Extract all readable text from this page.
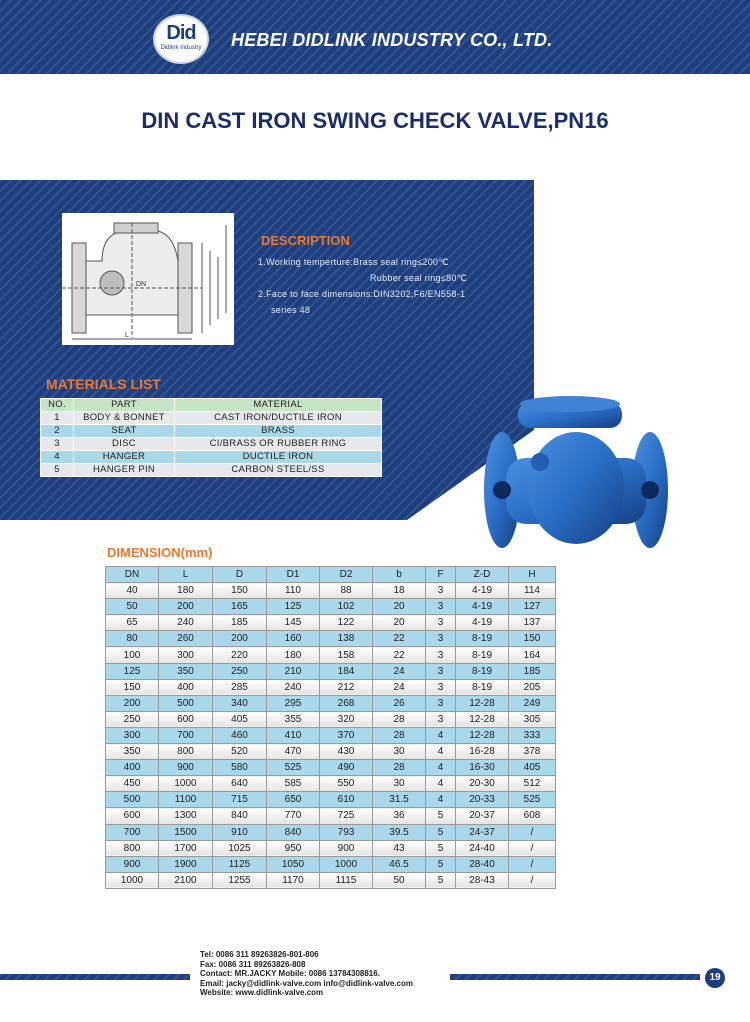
Did
Didlink Industry	HEBEI DIDLINK INDUSTRY CO., LTD.
DIN CAST IRON SWING CHECK VALVE,PN16
L
DN
DESCRIPTION
1.Working temperture:Brass seal ring≤200℃
Rubber seal ring≤80℃
2.Face to face dimensions:DIN3202,F6/EN558-1
series 48
MATERIALS LIST
NO.	PART	MATERIAL
1	BODY & BONNET	CAST IRON/DUCTILE IRON
2	SEAT	BRASS
3	DISC	CI/BRASS OR RUBBER RING
4	HANGER	DUCTILE IRON
5	HANGER PIN	CARBON STEEL/SS
DIMENSION(mm)
DN	L	D	D1	D2	b	F	Z-D	H
40	180	150	110	88	18	3	4-19	114
50	200	165	125	102	20	3	4-19	127
65	240	185	145	122	20	3	4-19	137
80	260	200	160	138	22	3	8-19	150
100	300	220	180	158	22	3	8-19	164
125	350	250	210	184	24	3	8-19	185
150	400	285	240	212	24	3	8-19	205
200	500	340	295	268	26	3	12-28	249
250	600	405	355	320	28	3	12-28	305
300	700	460	410	370	28	4	12-28	333
350	800	520	470	430	30	4	16-28	378
400	900	580	525	490	28	4	16-30	405
450	1000	640	585	550	30	4	20-30	512
500	1100	715	650	610	31.5	4	20-33	525
600	1300	840	770	725	36	5	20-37	608
700	1500	910	840	793	39.5	5	24-37	/
800	1700	1025	950	900	43	5	24-40	/
900	1900	1125	1050	1000	46.5	5	28-40	/
1000	2100	1255	1170	1115	50	5	28-43	/
Tel: 0086 311 89263826-801-806
Fax: 0086 311 89263826-808
Contact: MR.JACKY Mobile: 0086 13784308816.
Email: jacky@didlink-valve.com info@didlink-valve.com
Website: www.didlink-valve.com
19
